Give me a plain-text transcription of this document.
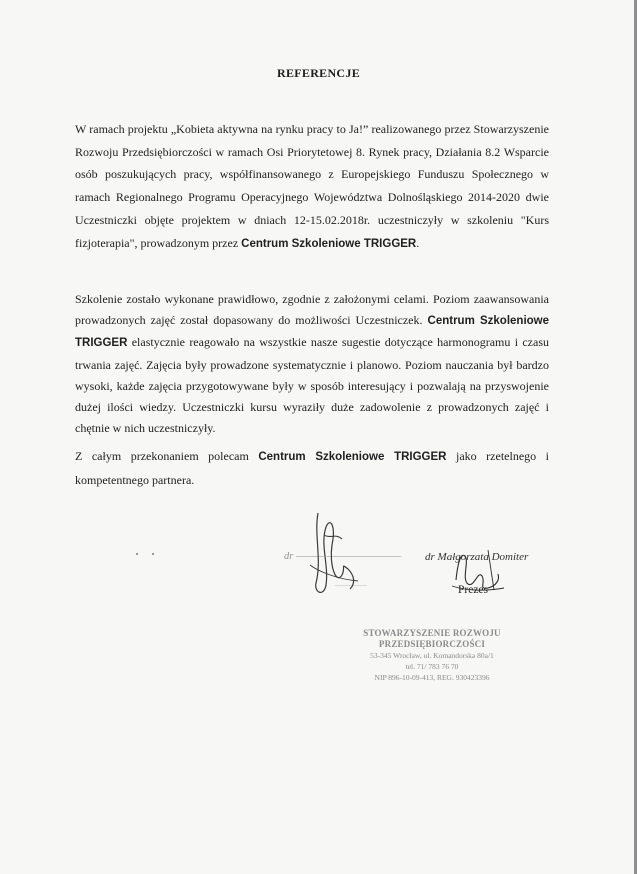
REFERENCJE
W ramach projektu „Kobieta aktywna na rynku pracy to Ja!” realizowanego przez Stowarzyszenie Rozwoju Przedsiębiorczości w ramach Osi Priorytetowej 8. Rynek pracy, Działania 8.2 Wsparcie osób poszukujących pracy, współfinansowanego z Europejskiego Funduszu Społecznego w ramach Regionalnego Programu Operacyjnego Województwa Dolnośląskiego 2014-2020 dwie Uczestniczki objęte projektem w dniach 12-15.02.2018r. uczestniczyły w szkoleniu "Kurs fizjoterapia", prowadzonym przez Centrum Szkoleniowe TRIGGER.
Szkolenie zostało wykonane prawidłowo, zgodnie z założonymi celami. Poziom zaawansowania prowadzonych zajęć został dopasowany do możliwości Uczestniczek. Centrum Szkoleniowe TRIGGER elastycznie reagowało na wszystkie nasze sugestie dotyczące harmonogramu i czasu trwania zajęć. Zajęcia były prowadzone systematycznie i planowo. Poziom nauczania był bardzo wysoki, każde zajęcia przygotowywane były w sposób interesujący i pozwalają na przyswojenie dużej ilości wiedzy. Uczestniczki kursu wyraziły duże zadowolenie z prowadzonych zajęć i chętnie w nich uczestniczyły.
Z całym przekonaniem polecam Centrum Szkoleniowe TRIGGER jako rzetelnego i kompetentnego partnera.
dr ——— ————————
————
dr Małgorzata Domiter
Prezes
STOWARZYSZENIE ROZWOJU
PRZEDSIĘBIORCZOŚCI
53-345 Wrocław, ul. Komandorska 80a/1
tel. 71/ 783 76 70
NIP 896-10-09-413, REG. 930423396
